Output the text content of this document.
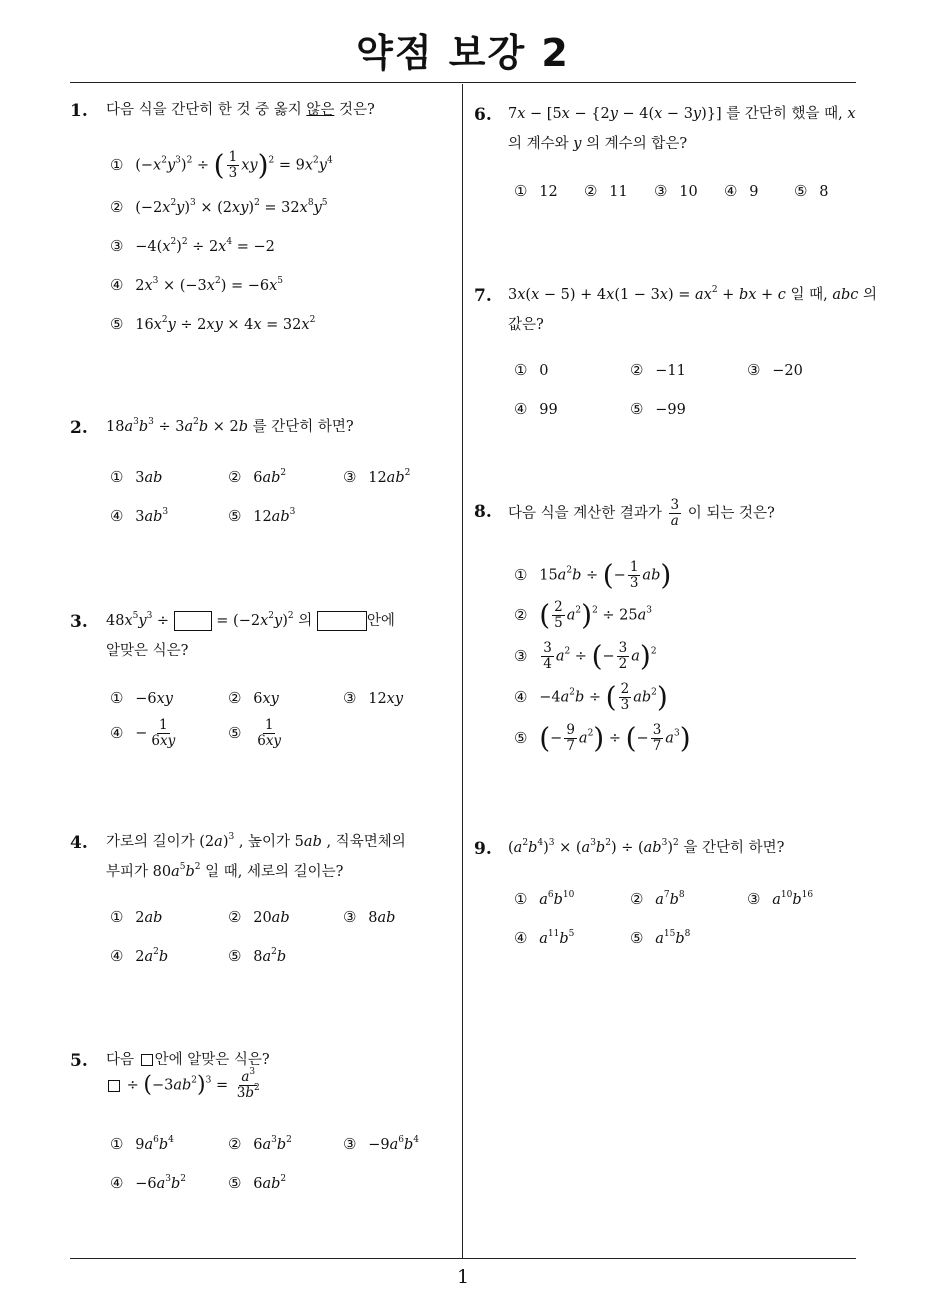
약점 보강 2
1
1. 다음 식을 간단히 한 것 중 옳지 않은 것은?
①  $(-x^2y^3)^2$ ÷ ( $\frac{1}{3} xy)^2 = 9x^2y^4$
②  $(-2x^2y)^3 \times (2xy)^2 = 32x^8y^5$
③  $-4(x^2)^2 \div 2x^4 = -2$
④  $2x^3 \times (-3x^2) = -6x^5$
⑤  $16x^2y \div 2xy \times 4x = 32x^2$
2. $18a^3b^3 \div 3a^2b \times 2b$ 를 간단히 하면?
①  3ab	②  $6ab^2$	③  $12ab^2$
④  $3ab^3$	⑤  $12ab^3$
3. $48x^5y^3$ ÷	= $(-2x^2y)^2$ 의	안에
알맞은 식은?
①  −6xy	②  6xy	③  12xy
④  − $\frac{1}{6xy}$	⑤ $\frac{1}{6xy}$
4. 가로의 길이가 $(2a)^3$ , 높이가 5ab , 직육면체의
부피가 $80a^5b^2$ 일 때, 세로의 길이는?
①  2ab	②  20ab	③  8ab
④  $2a^2b$	⑤  $8a^2b$
5. 다음 안에 알맞은 식은?
÷ $(-3ab^2)^3 = \frac{a^3}{3b^2}$
①  $9a^6b^4$	②  $6a^3b^2$	③  $-9a^6b^4$
④  $-6a^3b^2$	⑤  $6ab^2$
6. 7x − [5x − {2y − 4(x − 3y)}] 를 간단히 했을 때, x
의 계수와 y 의 계수의 합은?
① 12 ② 11 ③ 10 ④ 9 ⑤ 8
7. $3x(x - 5) + 4x(1 - 3x) = ax^2$ + bx + c 일 때, abc 의
값은?
① 0	② −11	③ −20
④ 99	⑤ −99
8. 다음 식을 계산한 결과가 $\frac{3}{a}$ 이 되는 것은?
①  $15a^2b$ ÷ (− $\frac{1}{3} ab$)
② ( $\frac{2}{5} a^2)^2 \div 25a^3$
③ $\frac{3}{4} a^2$ ÷ (− $\frac{3}{2} a)^2$
④  $-4a^2b$ ÷ ( $\frac{2}{3} ab^2$)
⑤ (− $\frac{9}{7} a^2$) ÷ (− $\frac{3}{7} a^3$)
9. $(a^2b^4)^3 \times (a^3b^2) \div (ab^3)^2$ 을 간단히 하면?
① $a^6b^{10}$	② $a^7b^8$	③ $a^{10}b^{16}$
④ $a^{11}b^5$	⑤ $a^{15}b^8$
